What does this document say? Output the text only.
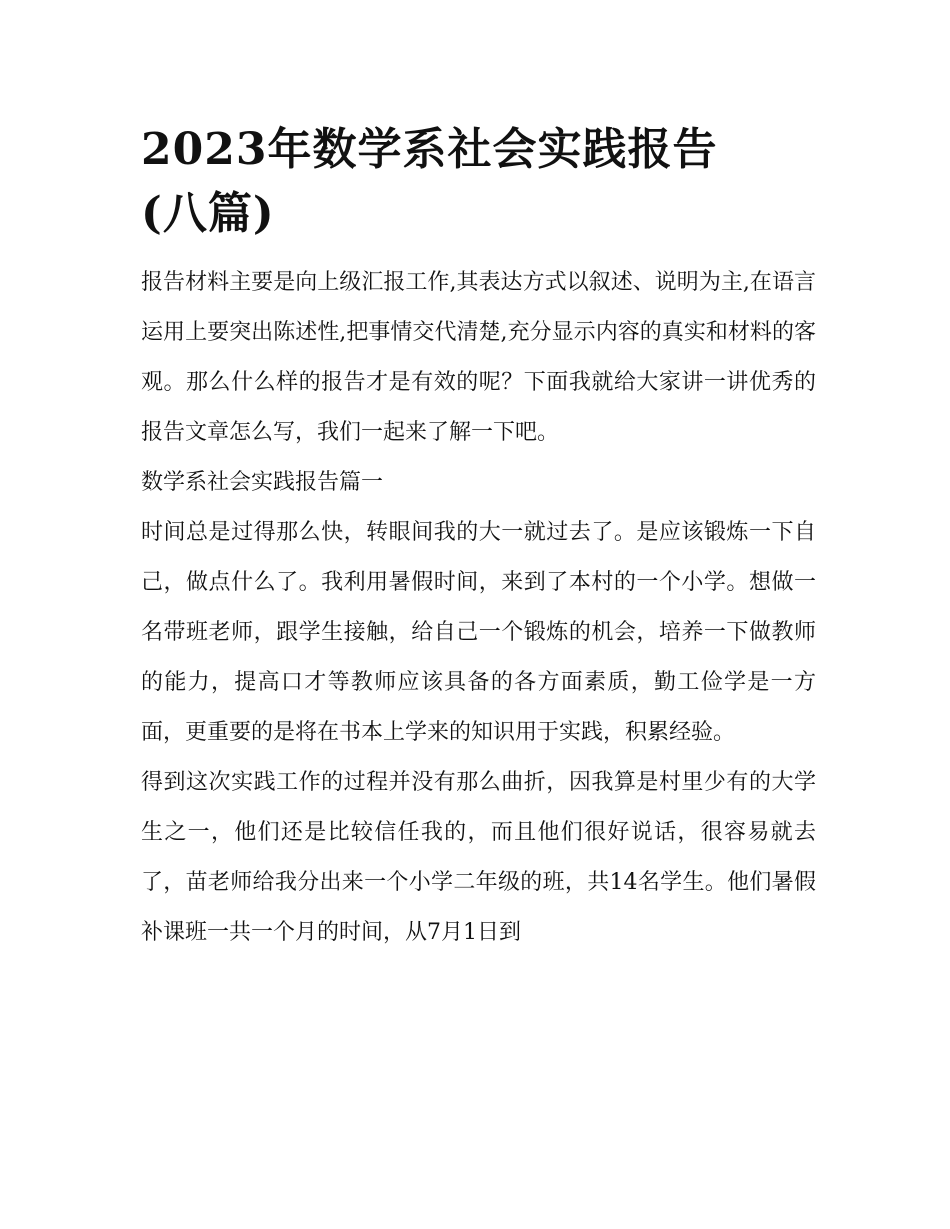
2023年数学系社会实践报告
(八篇)

报告材料主要是向上级汇报工作,其表达方式以叙述、说明为主,在语言运用上要突出陈述性,把事情交代清楚,充分显示内容的真实和材料的客观。那么什么样的报告才是有效的呢？下面我就给大家讲一讲优秀的报告文章怎么写，我们一起来了解一下吧。

数学系社会实践报告篇一

时间总是过得那么快，转眼间我的大一就过去了。是应该锻炼一下自己，做点什么了。我利用暑假时间，来到了本村的一个小学。想做一名带班老师，跟学生接触，给自己一个锻炼的机会，培养一下做教师的能力，提高口才等教师应该具备的各方面素质，勤工俭学是一方面，更重要的是将在书本上学来的知识用于实践，积累经验。

得到这次实践工作的过程并没有那么曲折，因我算是村里少有的大学生之一，他们还是比较信任我的，而且他们很好说话，很容易就去了，苗老师给我分出来一个小学二年级的班，共14名学生。他们暑假补课班一共一个月的时间，从7月1日到
